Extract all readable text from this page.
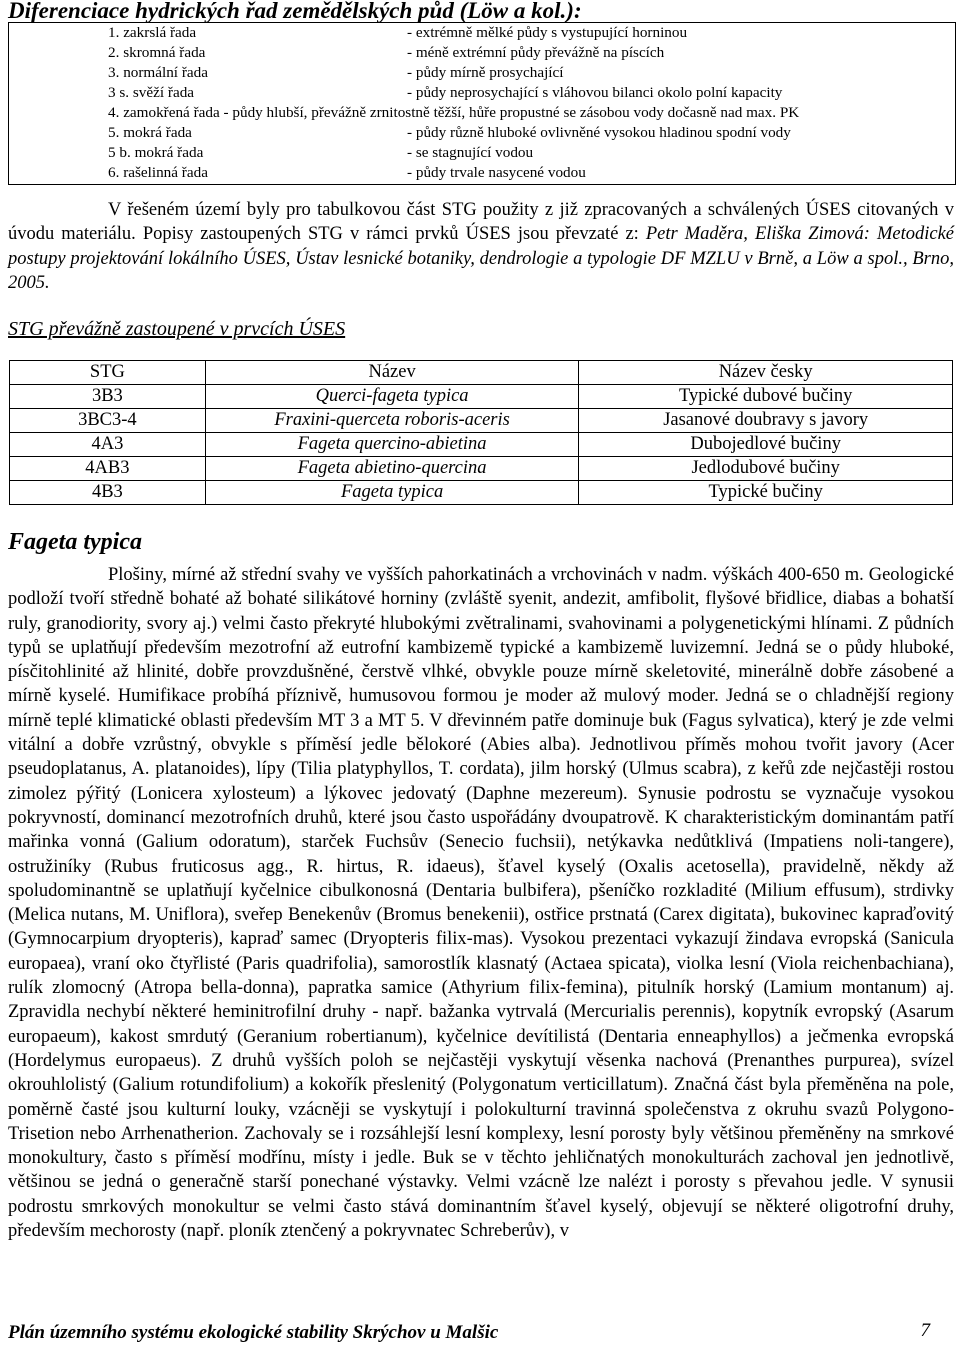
Diferenciace hydrických řad zemědělských půd (Löw a kol.):
1. zakrslá řada	- extrémně mělké půdy s vystupující horninou
2. skromná řada	- méně extrémní půdy převážně na píscích
3. normální řada	- půdy mírně prosychající
3 s. svěží řada	- půdy neprosychající s vláhovou bilanci okolo polní kapacity
4. zamokřená řada - půdy hlubší, převážně zrnitostně těžší, hůře propustné se zásobou vody dočasně nad max. PK
5. mokrá řada	- půdy různě hluboké ovlivněné vysokou hladinou spodní vody
5 b. mokrá řada	- se stagnující vodou
6. rašelinná řada	- půdy trvale nasycené vodou

V řešeném území byly pro tabulkovou část STG použity z již zpracovaných a schválených ÚSES citovaných v úvodu materiálu. Popisy zastoupených STG v rámci prvků ÚSES jsou převzaté z: Petr Maděra, Eliška Zimová: Metodické postupy projektování lokálního ÚSES, Ústav lesnické botaniky, dendrologie a typologie DF MZLU v Brně, a Löw a spol., Brno, 2005.

STG převážně zastoupené v prvcích ÚSES
STG	Název	Název česky
3B3	Querci-fageta typica	Typické dubové bučiny
3BC3-4	Fraxini-querceta roboris-aceris	Jasanové doubravy s javory
4A3	Fageta quercino-abietina	Dubojedlové bučiny
4AB3	Fageta abietino-quercina	Jedlodubové bučiny
4B3	Fageta typica	Typické bučiny
Fageta typica

Plošiny, mírné až střední svahy ve vyšších pahorkatinách a vrchovinách v nadm. výškách 400-650 m. Geologické podloží tvoří středně bohaté až bohaté silikátové horniny (zvláště syenit, andezit, amfibolit, flyšové břidlice, diabas a bohatší ruly, granodiority, svory aj.) velmi často překryté hlubokými zvětralinami, svahovinami a polygenetickými hlínami. Z půdních typů se uplatňují především mezotrofní až eutrofní kambizemě typické a kambizemě luvizemní. Jedná se o půdy hluboké, písčitohlinité až hlinité, dobře provzdušněné, čerstvě vlhké, obvykle pouze mírně skeletovité, minerálně dobře zásobené a mírně kyselé. Humifikace probíhá příznivě, humusovou formou je moder až mulový moder. Jedná se o chladnější regiony mírně teplé klimatické oblasti především MT 3 a MT 5. V dřevinném patře dominuje buk (Fagus sylvatica), který je zde velmi vitální a dobře vzrůstný, obvykle s příměsí jedle bělokoré (Abies alba). Jednotlivou příměs mohou tvořit javory (Acer pseudoplatanus, A. platanoides), lípy (Tilia platyphyllos, T. cordata), jilm horský (Ulmus scabra), z keřů zde nejčastěji rostou zimolez pýřitý (Lonicera xylosteum) a lýkovec jedovatý (Daphne mezereum). Synusie podrostu se vyznačuje vysokou pokryvností, dominancí mezotrofních druhů, které jsou často uspořádány dvoupatrově. K charakteristickým dominantám patří mařinka vonná (Galium odoratum), starček Fuchsův (Senecio fuchsii), netýkavka nedůtklivá (Impatiens noli-tangere), ostružiníky (Rubus fruticosus agg., R. hirtus, R. idaeus), šťavel kyselý (Oxalis acetosella), pravidelně, někdy až spoludominantně se uplatňují kyčelnice cibulkonosná (Dentaria bulbifera), pšeníčko rozkladité (Milium effusum), strdivky (Melica nutans, M. Uniflora), sveřep Benekenův (Bromus benekenii), ostřice prstnatá (Carex digitata), bukovinec kapraďovitý (Gymnocarpium dryopteris), kapraď samec (Dryopteris filix-mas). Vysokou prezentaci vykazují žindava evropská (Sanicula europaea), vraní oko čtyřlisté (Paris quadrifolia), samorostlík klasnatý (Actaea spicata), violka lesní (Viola reichenbachiana), rulík zlomocný (Atropa bella-donna), papratka samice (Athyrium filix-femina), pitulník horský (Lamium montanum) aj. Zpravidla nechybí některé heminitrofilní druhy - např. bažanka vytrvalá (Mercurialis perennis), kopytník evropský (Asarum europaeum), kakost smrdutý (Geranium robertianum), kyčelnice devítilistá (Dentaria enneaphyllos) a ječmenka evropská (Hordelymus europaeus). Z druhů vyšších poloh se nejčastěji vyskytují věsenka nachová (Prenanthes purpurea), svízel okrouhlolistý (Galium rotundifolium) a kokořík přeslenitý (Polygonatum verticillatum). Značná část byla přeměněna na pole, poměrně časté jsou kulturní louky, vzácněji se vyskytují i polokulturní travinná společenstva z okruhu svazů Polygono-Trisetion nebo Arrhenatherion. Zachovaly se i rozsáhlejší lesní komplexy, lesní porosty byly většinou přeměněny na smrkové monokultury, často s příměsí modřínu, místy i jedle. Buk se v těchto jehličnatých monokulturách zachoval jen jednotlivě, většinou se jedná o generačně starší ponechané výstavky. Velmi vzácně lze nalézt i porosty s převahou jedle. V synusii podrostu smrkových monokultur se velmi často stává dominantním šťavel kyselý, objevují se některé oligotrofní druhy, především mechorosty (např. ploník ztenčený a pokryvnatec Schreberův), v

Plán územního systému ekologické stability Skrýchov u Malšic	7
